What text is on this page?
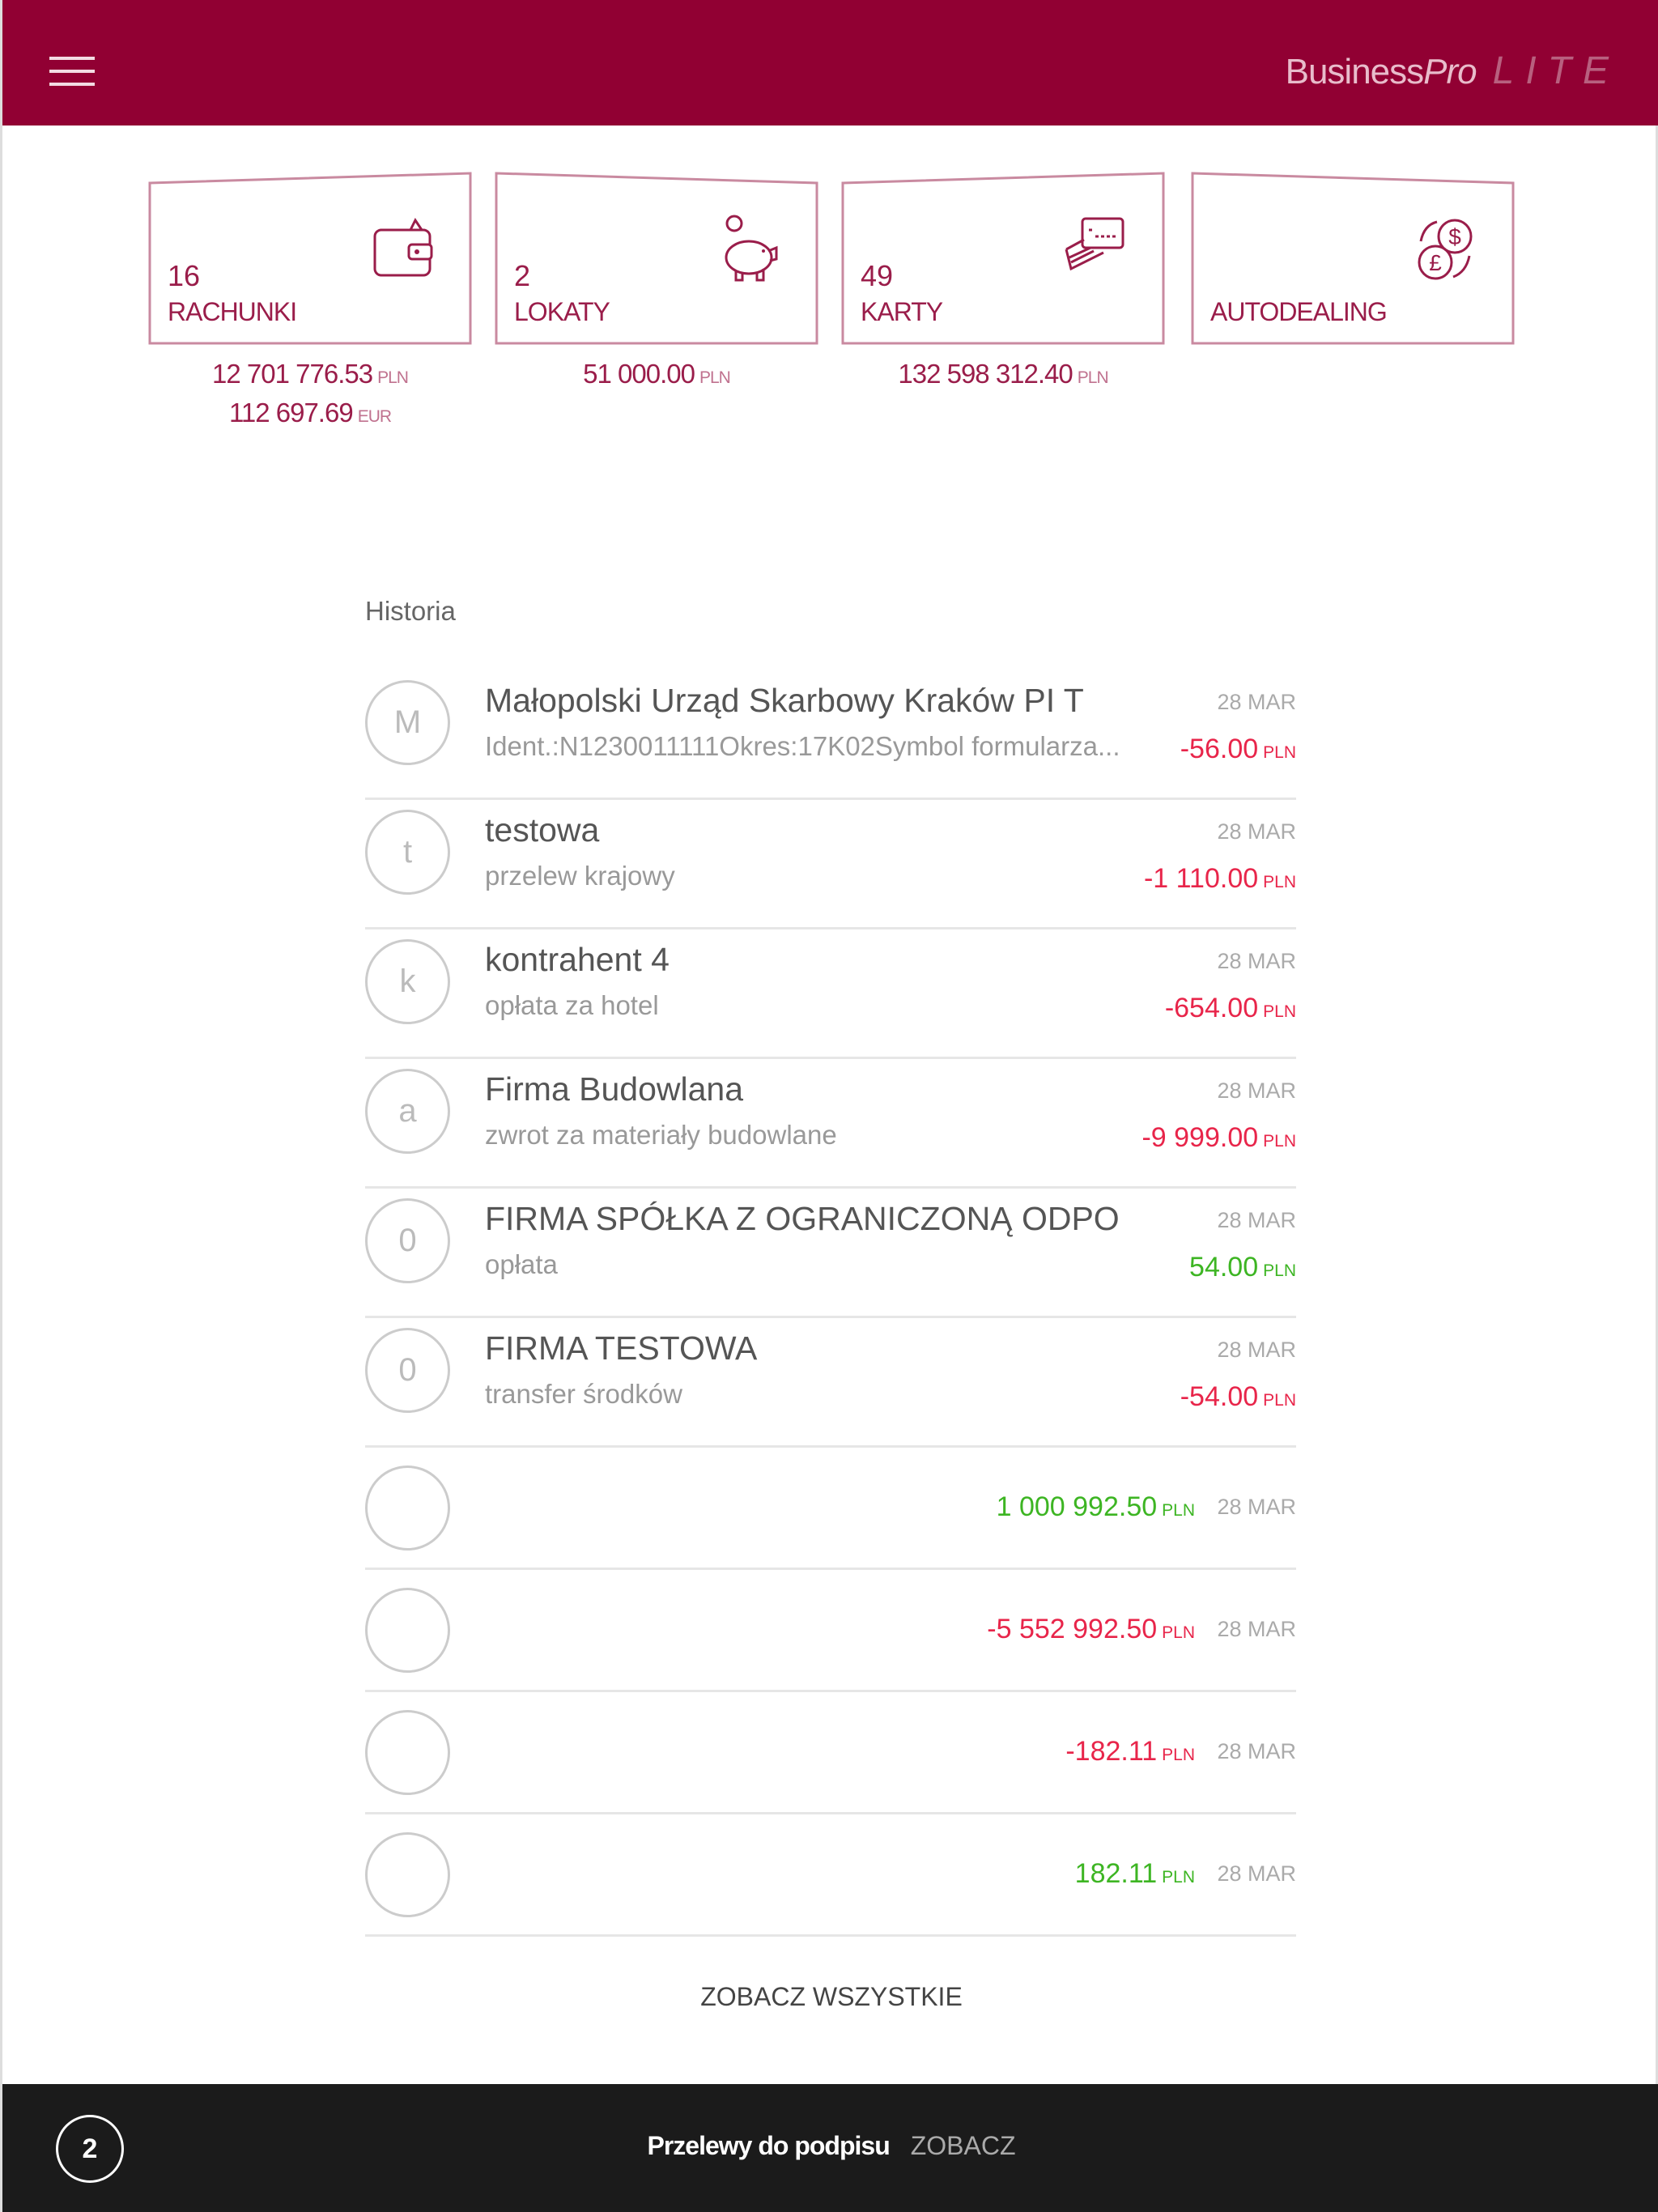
BusinessPro LITE
16
RACHUNKI
12 701 776.53 PLN
112 697.69 EUR
2
LOKATY
51 000.00 PLN
49
KARTY
132 598 312.40 PLN
$
£
AUTODEALING
Historia
M
Małopolski Urząd Skarbowy Kraków PI T
Ident.:N1230011111Okres:17K02Symbol formularza...
28 MAR
-56.00 PLN
t
testowa
przelew krajowy
28 MAR
-1 110.00 PLN
k
kontrahent 4
opłata za hotel
28 MAR
-654.00 PLN
a
Firma Budowlana
zwrot za materiały budowlane
28 MAR
-9 999.00 PLN
0
FIRMA SPÓŁKA Z OGRANICZONĄ ODPO
opłata
28 MAR
54.00 PLN
0
FIRMA TESTOWA
transfer środków
28 MAR
-54.00 PLN
28 MAR
1 000 992.50 PLN
28 MAR
-5 552 992.50 PLN
28 MAR
-182.11 PLN
28 MAR
182.11 PLN
ZOBACZ WSZYSTKIE
2	Przelewy do podpisu ZOBACZ
